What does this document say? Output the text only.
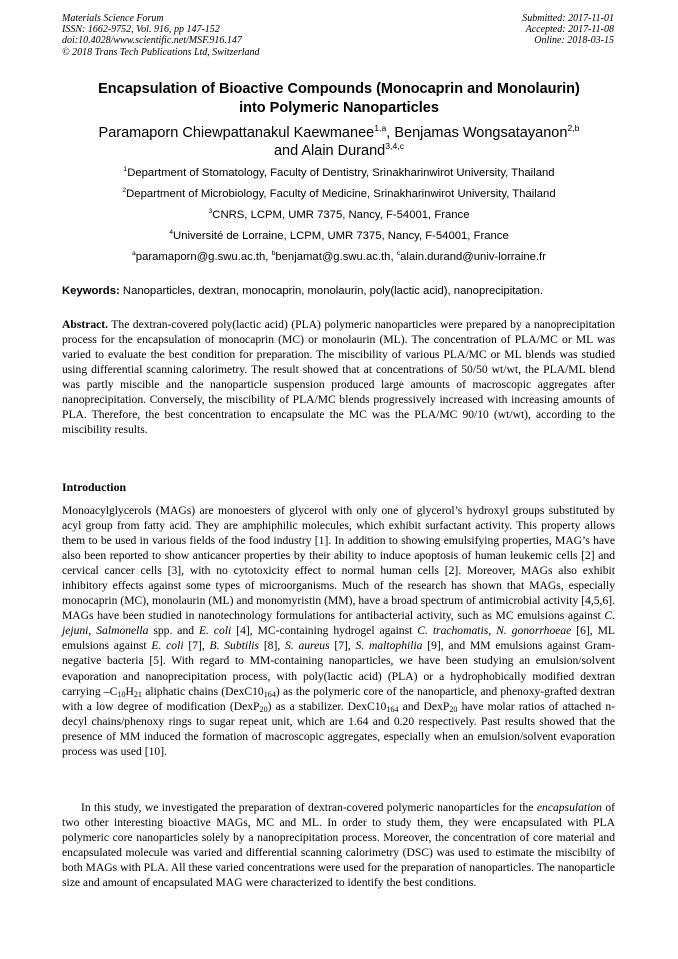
Materials Science Forum
ISSN: 1662-9752, Vol. 916, pp 147-152
doi:10.4028/www.scientific.net/MSF.916.147
© 2018 Trans Tech Publications Ltd, Switzerland
Submitted: 2017-11-01
Accepted: 2017-11-08
Online: 2018-03-15
Encapsulation of Bioactive Compounds (Monocaprin and Monolaurin)
into Polymeric Nanoparticles
Paramaporn Chiewpattanakul Kaewmanee$^{1,a}$, Benjamas Wongsatayanon$^{2,b}$
and Alain Durand$^{3,4,c}$
$^1$Department of Stomatology, Faculty of Dentistry, Srinakharinwirot University, Thailand
$^2$Department of Microbiology, Faculty of Medicine, Srinakharinwirot University, Thailand
$^3$CNRS, LCPM, UMR 7375, Nancy, F-54001, France
$^4$Université de Lorraine, LCPM, UMR 7375, Nancy, F-54001, France
$^a$paramaporn@g.swu.ac.th, $^b$benjamat@g.swu.ac.th, $^c$alain.durand@univ-lorraine.fr
Keywords: Nanoparticles, dextran, monocaprin, monolaurin, poly(lactic acid), nanoprecipitation.
Abstract. The dextran-covered poly(lactic acid) (PLA) polymeric nanoparticles were prepared by a nanoprecipitation process for the encapsulation of monocaprin (MC) or monolaurin (ML). The concentration of PLA/MC or ML was varied to evaluate the best condition for preparation. The miscibility of various PLA/MC or ML blends was studied using differential scanning calorimetry. The result showed that at concentrations of 50/50 wt/wt, the PLA/ML blend was partly miscible and the nanoparticle suspension produced large amounts of macroscopic aggregates after nanoprecipitation. Conversely, the miscibility of PLA/MC blends progressively increased with increasing amounts of PLA. Therefore, the best concentration to encapsulate the MC was the PLA/MC 90/10 (wt/wt), according to the miscibility results.
Introduction
Monoacylglycerols (MAGs) are monoesters of glycerol with only one of glycerol’s hydroxyl groups substituted by acyl group from fatty acid. They are amphiphilic molecules, which exhibit surfactant activity. This property allows them to be used in various fields of the food industry [1]. In addition to showing emulsifying properties, MAG’s have also been reported to show anticancer properties by their ability to induce apoptosis of human leukemic cells [2] and cervical cancer cells [3], with no cytotoxicity effect to normal human cells [2]. Moreover, MAGs also exhibit inhibitory effects against some types of microorganisms. Much of the research has shown that MAGs, especially monocaprin (MC), monolaurin (ML) and monomyristin (MM), have a broad spectrum of antimicrobial activity [4,5,6]. MAGs have been studied in nanotechnology formulations for antibacterial activity, such as MC emulsions against C. jejuni, Salmonella spp. and E. coli [4], MC-containing hydrogel against C. trachomatis, N. gonorrhoeae [6], ML emulsions against E. coli [7], B. Subtilis [8], S. aureus [7], S. maltophilia [9], and MM emulsions against Gram-negative bacteria [5]. With regard to MM-containing nanoparticles, we have been studying an emulsion/solvent evaporation and nanoprecipitation process, with poly(lactic acid) (PLA) or a hydrophobically modified dextran carrying $-C_{10}H_{21}$ aliphatic chains $(DexC10_{164})$ as the polymeric core of the nanoparticle, and phenoxy-grafted dextran with a low degree of modification (DexP$_{20}$) as a stabilizer. $DexC10_{164}$ and DexP$_{20}$ have molar ratios of attached n-decyl chains/phenoxy rings to sugar repeat unit, which are 1.64 and 0.20 respectively. Past results showed that the presence of MM induced the formation of macroscopic aggregates, especially when an emulsion/solvent evaporation process was used [10].
In this study, we investigated the preparation of dextran-covered polymeric nanoparticles for the encapsulation of two other interesting bioactive MAGs, MC and ML. In order to study them, they were encapsulated with PLA polymeric core nanoparticles solely by a nanoprecipitation process. Moreover, the concentration of core material and encapsulated molecule was varied and differential scanning calorimetry (DSC) was used to estimate the miscibilty of both MAGs with PLA. All these varied concentrations were used for the preparation of nanoparticles. The nanoparticle size and amount of encapsulated MAG were characterized to identify the best conditions.
